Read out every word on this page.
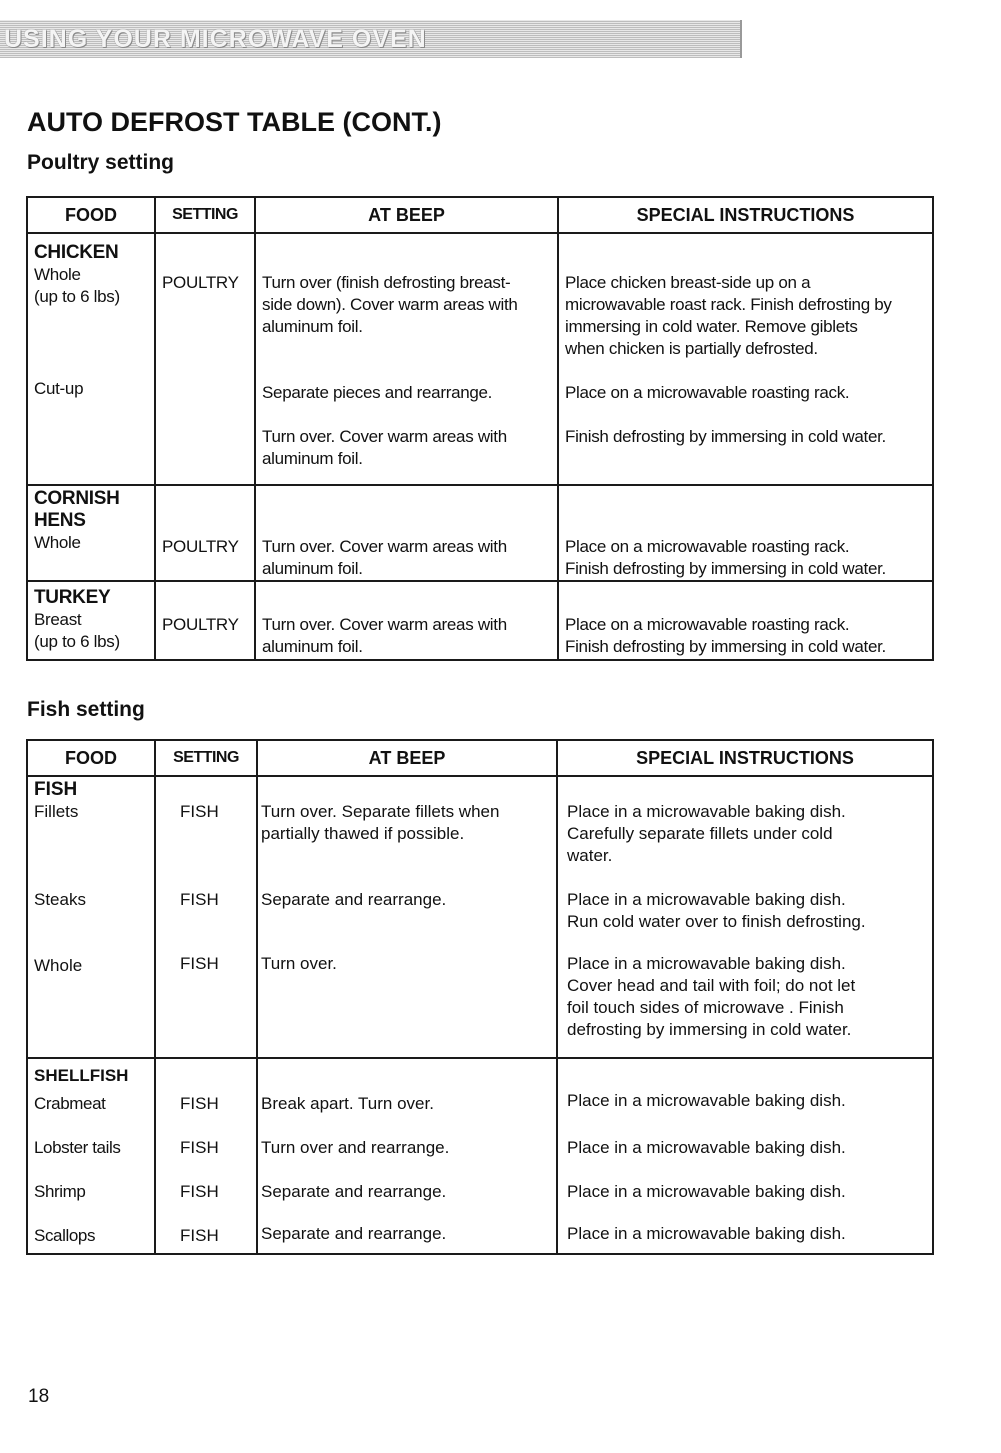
USING YOUR MICROWAVE OVEN
AUTO DEFROST TABLE (CONT.)
Poultry setting
FOOD	SETTING	AT BEEP	SPECIAL INSTRUCTIONS

CHICKEN
Whole
(up to 6 lbs)	POULTRY	Turn over (finish defrosting breast-
side down). Cover warm areas with
aluminum foil.	Place chicken breast-side up on a
microwavable roast rack. Finish defrosting by
immersing in cold water. Remove giblets
when chicken is partially defrosted.

Cut-up		Separate pieces and rearrange.	Place on a microwavable roasting rack.

		Turn over. Cover warm areas with
aluminum foil.	Finish defrosting by immersing in cold water.

CORNISH
HENS
Whole	POULTRY	Turn over. Cover warm areas with
aluminum foil.	Place on a microwavable roasting rack.
Finish defrosting by immersing in cold water.

TURKEY
Breast
(up to 6 lbs)	POULTRY	Turn over. Cover warm areas with
aluminum foil.	Place on a microwavable roasting rack.
Finish defrosting by immersing in cold water.
Fish setting
FOOD	SETTING	AT BEEP	SPECIAL INSTRUCTIONS

FISH
Fillets	FISH	Turn over. Separate fillets when
partially thawed if possible.	Place in a microwavable baking dish.
Carefully separate fillets under cold
water.

Steaks	FISH	Separate and rearrange.	Place in a microwavable baking dish.
Run cold water over to finish defrosting.

Whole	FISH	Turn over.	Place in a microwavable baking dish.
Cover head and tail with foil; do not let
foil touch sides of microwave . Finish
defrosting by immersing in cold water.

SHELLFISH			

Crabmeat	FISH	Break apart. Turn over.	Place in a microwavable baking dish.
Lobster tails	FISH	Turn over and rearrange.	Place in a microwavable baking dish.
Shrimp	FISH	Separate and rearrange.	Place in a microwavable baking dish.
Scallops	FISH	Separate and rearrange.	Place in a microwavable baking dish.

18
